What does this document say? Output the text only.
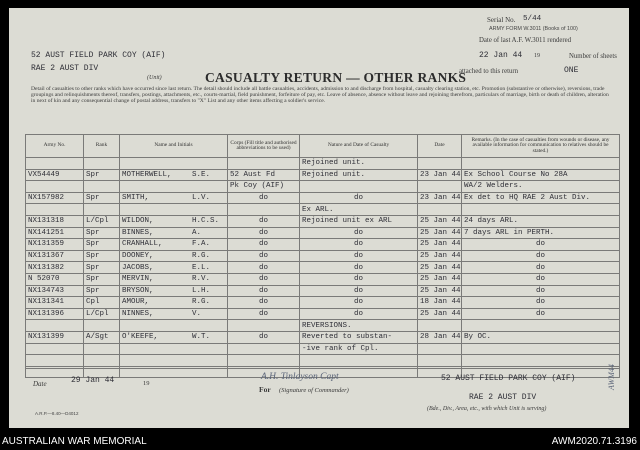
Serial No. 5/44
ARMY FORM W.3011 (Books of 100)
Date of last A.F. W.3011 rendered
22 Jan 44 19	Number of sheets
attached to this return	ONE
52 AUST FIELD PARK COY (AIF)
RAE 2 AUST DIV
(Unit)	CASUALTY RETURN — OTHER RANKS
Detail of casualties to other ranks which have occurred since last return. The detail should include all battle casualties, accidents, admission to and discharge from hospital, casualty clearing station, etc. Promotion (substantive or otherwise), reversions, trade groupings and relinquishments thereof, transfers, postings, attachments, etc., courts-martial, field punishment, forfeiture of pay, etc. Leave of absence, absence without leave and rejoining therefrom, particulars of marriage, birth or death of children, alteration in next of kin and any consequential change of postal address, transfers to "X" List and any other items affecting a soldier's service.
Army No.	Rank	Name and Initials	Corps (Fill title and authorised abbreviations to be used)	Nature and Date of Casualty	Date	Remarks. (In the case of casualties from wounds or disease, any available information for communication to relatives should be stated.)
				Rejoined unit.		
VX54449	Spr	MOTHERWELL, S.E.	52 Aust Fd	Rejoined unit.	23 Jan 44	Ex School Course No 28A
			Pk Coy (AIF)			WA/2 Welders.
NX157982	Spr	SMITH, L.V.	do	do	23 Jan 44	Ex det to HQ RAE 2 Aust Div.
				Ex ARL.		
NX131318	L/Cpl	WILDON, H.C.S.	do	Rejoined unit ex ARL	25 Jan 44	24 days ARL.
NX141251	Spr	BINNES, A.	do	do	25 Jan 44	7 days ARL in PERTH.
NX131359	Spr	CRANHALL, F.A.	do	do	25 Jan 44	do
NX131367	Spr	DOONEY, R.G.	do	do	25 Jan 44	do
NX131382	Spr	JACOBS, E.L.	do	do	25 Jan 44	do
N 52070	Spr	MERVIN, R.V.	do	do	25 Jan 44	do
NX134743	Spr	BRYSON, L.H.	do	do	25 Jan 44	do
NX131341	Cpl	AMOUR, R.G.	do	do	18 Jan 44	do
NX131396	L/Cpl	NINNES, V.	do	do	25 Jan 44	do
				REVERSIONS.		
NX131399	A/Sgt	O'KEEFE, W.T.	do	Reverted to substan-	28 Jan 44	By OC.
				-ive rank of Cpl.		

Date	29 Jan 44	19
A.H. Tinlayson Capt
For (Signature of Commander)
52 AUST FIELD PARK COY (AIF)
RAE 2 AUST DIV
(Bde., Div., Area, etc., with which Unit is serving)
A.R.P.—8.40—D4012
AWM44
AUSTRALIAN WAR MEMORIAL	AWM2020.71.3196
